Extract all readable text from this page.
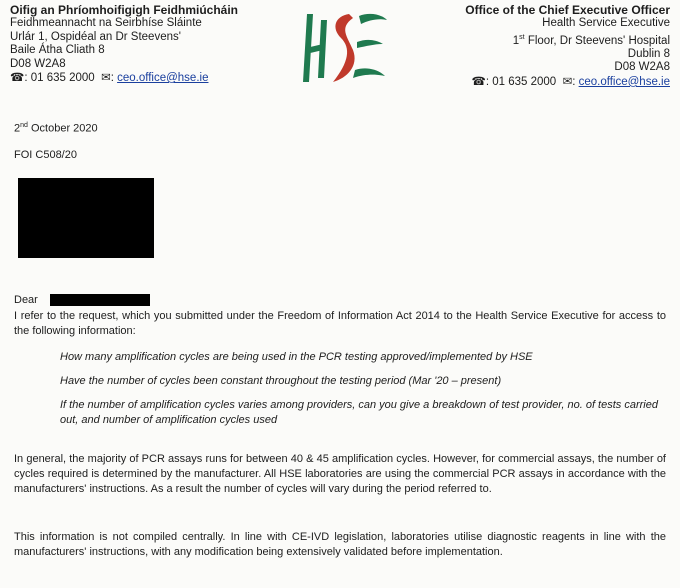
Oifig an Phríomhoifigigh Feidhmiúcháin
Feidhmeannacht na Seirbhíse Sláinte
Urlár 1, Ospidéal an Dr Steevens'
Baile Átha Cliath 8
D08 W2A8
☎: 01 635 2000 ✉: ceo.office@hse.ie
Office of the Chief Executive Officer
Health Service Executive
1st Floor, Dr Steevens' Hospital
Dublin 8
D08 W2A8
☎: 01 635 2000 ✉: ceo.office@hse.ie
2nd October 2020
FOI C508/20
Dear
I refer to the request, which you submitted under the Freedom of Information Act 2014 to the Health Service Executive for access to the following information:
How many amplification cycles are being used in the PCR testing approved/implemented by HSE
Have the number of cycles been constant throughout the testing period (Mar '20 – present)
If the number of amplification cycles varies among providers, can you give a breakdown of test provider, no. of tests carried out, and number of amplification cycles used
In general, the majority of PCR assays runs for between 40 & 45 amplification cycles. However, for commercial assays, the number of cycles required is determined by the manufacturer. All HSE laboratories are using the commercial PCR assays in accordance with the manufacturers' instructions. As a result the number of cycles will vary during the period referred to.
This information is not compiled centrally. In line with CE-IVD legislation, laboratories utilise diagnostic reagents in line with the manufacturers' instructions, with any modification being extensively validated before implementation.
